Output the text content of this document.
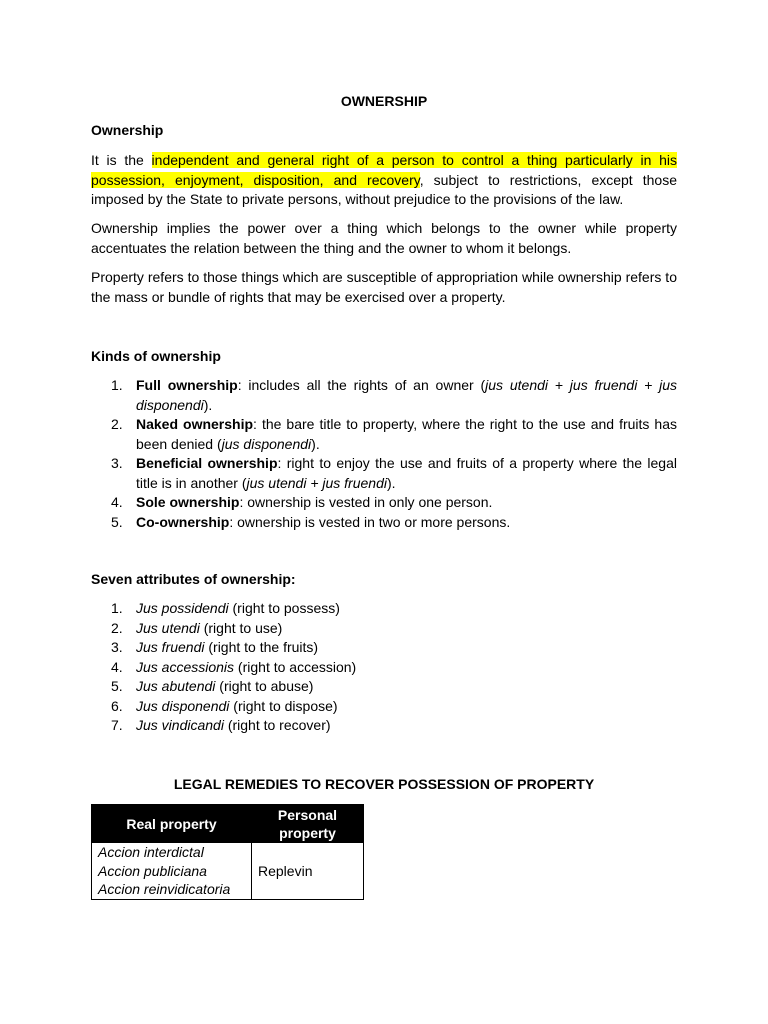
OWNERSHIP
Ownership
It is the independent and general right of a person to control a thing particularly in his possession, enjoyment, disposition, and recovery, subject to restrictions, except those imposed by the State to private persons, without prejudice to the provisions of the law.
Ownership implies the power over a thing which belongs to the owner while property accentuates the relation between the thing and the owner to whom it belongs.
Property refers to those things which are susceptible of appropriation while ownership refers to the mass or bundle of rights that may be exercised over a property.
Kinds of ownership
1. Full ownership: includes all the rights of an owner (jus utendi + jus fruendi + jus disponendi).
2. Naked ownership: the bare title to property, where the right to the use and fruits has been denied (jus disponendi).
3. Beneficial ownership: right to enjoy the use and fruits of a property where the legal title is in another (jus utendi + jus fruendi).
4. Sole ownership: ownership is vested in only one person.
5. Co-ownership: ownership is vested in two or more persons.
Seven attributes of ownership:
1. Jus possidendi (right to possess)
2. Jus utendi (right to use)
3. Jus fruendi (right to the fruits)
4. Jus accessionis (right to accession)
5. Jus abutendi (right to abuse)
6. Jus disponendi (right to dispose)
7. Jus vindicandi (right to recover)
LEGAL REMEDIES TO RECOVER POSSESSION OF PROPERTY
Real property	Personal
property

Accion interdictal
Accion publiciana
Accion reinvidicatoria	Replevin
